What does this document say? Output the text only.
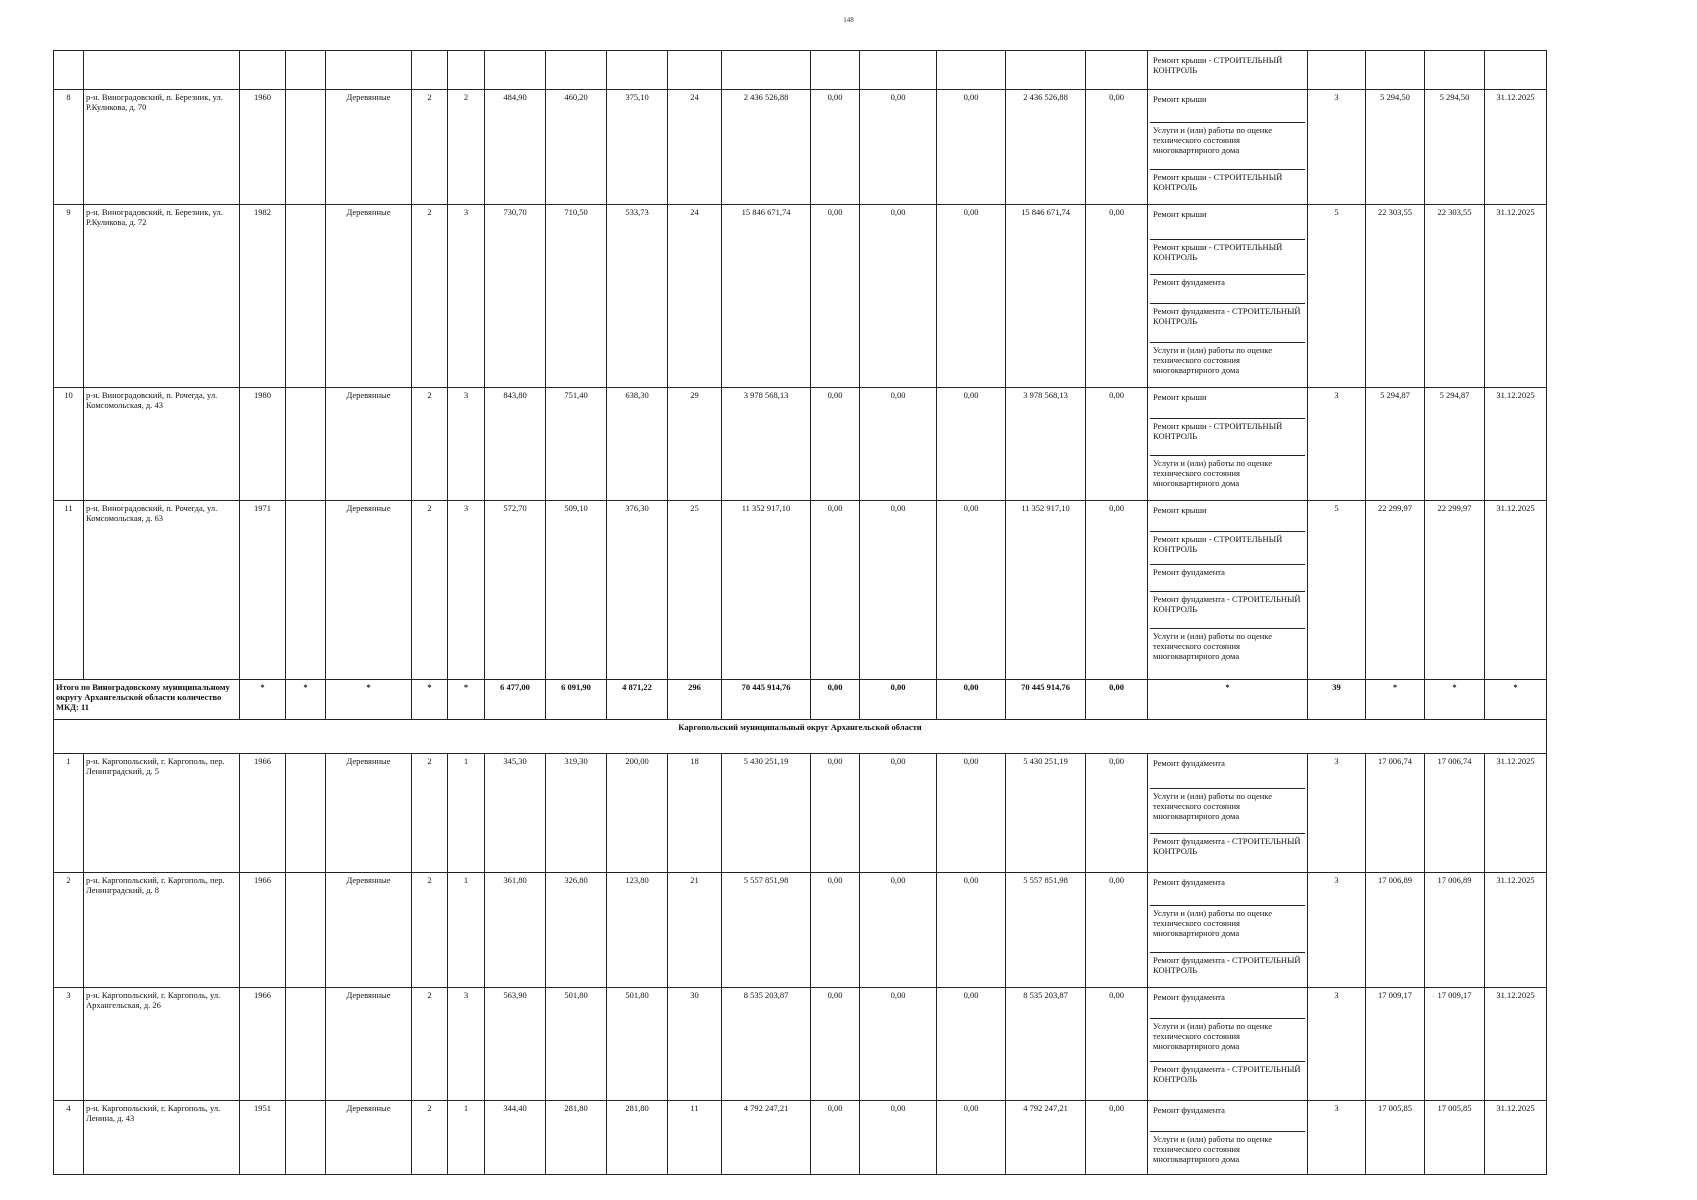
148

																	Ремонт крыши - СТРОИТЕЛЬНЫЙ КОНТРОЛЬ				

8	р-н. Виноградовский, п. Березник, ул. Р.Куликова, д. 70	1960		Деревянные	2	2	484,90	460,20	375,10	24	2 436 526,88	0,00	0,00	0,00	2 436 526,88	0,00	Ремонт крыши
Услуги и (или) работы по оценке технического состояния многоквартирного дома
Ремонт крыши - СТРОИТЕЛЬНЫЙ КОНТРОЛЬ	3	5 294,50	5 294,50	31.12.2025
9	р-н. Виноградовский, п. Березник, ул. Р.Куликова, д. 72	1982		Деревянные	2	3	730,70	710,50	533,73	24	15 846 671,74	0,00	0,00	0,00	15 846 671,74	0,00	Ремонт крыши
Ремонт крыши - СТРОИТЕЛЬНЫЙ КОНТРОЛЬ
Ремонт фундамента
Ремонт фундамента - СТРОИТЕЛЬНЫЙ КОНТРОЛЬ
Услуги и (или) работы по оценке технического состояния многоквартирного дома	5	22 303,55	22 303,55	31.12.2025
10	р-н. Виноградовский, п. Рочегда, ул. Комсомольская, д. 43	1980		Деревянные	2	3	843,80	751,40	638,30	29	3 978 568,13	0,00	0,00	0,00	3 978 568,13	0,00	Ремонт крыши
Ремонт крыши - СТРОИТЕЛЬНЫЙ КОНТРОЛЬ
Услуги и (или) работы по оценке технического состояния многоквартирного дома	3	5 294,87	5 294,87	31.12.2025
11	р-н. Виноградовский, п. Рочегда, ул. Комсомольская, д. 63	1971		Деревянные	2	3	572,70	509,10	376,30	25	11 352 917,10	0,00	0,00	0,00	11 352 917,10	0,00	Ремонт крыши
Ремонт крыши - СТРОИТЕЛЬНЫЙ КОНТРОЛЬ
Ремонт фундамента
Ремонт фундамента - СТРОИТЕЛЬНЫЙ КОНТРОЛЬ
Услуги и (или) работы по оценке технического состояния многоквартирного дома	5	22 299,97	22 299,97	31.12.2025
Итого по Виноградовскому муниципальному округу Архангельской области количество МКД: 11		*	*	*	*	*	6 477,00	6 091,90	4 871,22	296	70 445 914,76	0,00	0,00	0,00	70 445 914,76	0,00	*	39	*	*	*
Каргопольский муниципальный округ Архангельской области																					
1	р-н. Каргопольский, г. Каргополь, пер. Ленинградский, д. 5	1966		Деревянные	2	1	345,30	319,30	200,00	18	5 430 251,19	0,00	0,00	0,00	5 430 251,19	0,00	Ремонт фундамента
Услуги и (или) работы по оценке технического состояния многоквартирного дома
Ремонт фундамента - СТРОИТЕЛЬНЫЙ КОНТРОЛЬ	3	17 006,74	17 006,74	31.12.2025
2	р-н. Каргопольский, г. Каргополь, пер. Ленинградский, д. 8	1966		Деревянные	2	1	361,80	326,80	123,80	21	5 557 851,98	0,00	0,00	0,00	5 557 851,98	0,00	Ремонт фундамента
Услуги и (или) работы по оценке технического состояния многоквартирного дома
Ремонт фундамента - СТРОИТЕЛЬНЫЙ КОНТРОЛЬ	3	17 006,89	17 006,89	31.12.2025
3	р-н. Каргопольский, г. Каргополь, ул. Архангельская, д. 26	1966		Деревянные	2	3	563,90	501,80	501,80	30	8 535 203,87	0,00	0,00	0,00	8 535 203,87	0,00	Ремонт фундамента
Услуги и (или) работы по оценке технического состояния многоквартирного дома
Ремонт фундамента - СТРОИТЕЛЬНЫЙ КОНТРОЛЬ	3	17 009,17	17 009,17	31.12.2025
4	р-н. Каргопольский, г. Каргополь, ул. Ленина, д. 43	1951		Деревянные	2	1	344,40	281,80	281,80	11	4 792 247,21	0,00	0,00	0,00	4 792 247,21	0,00	Ремонт фундамента
Услуги и (или) работы по оценке технического состояния многоквартирного дома	3	17 005,85	17 005,85	31.12.2025
